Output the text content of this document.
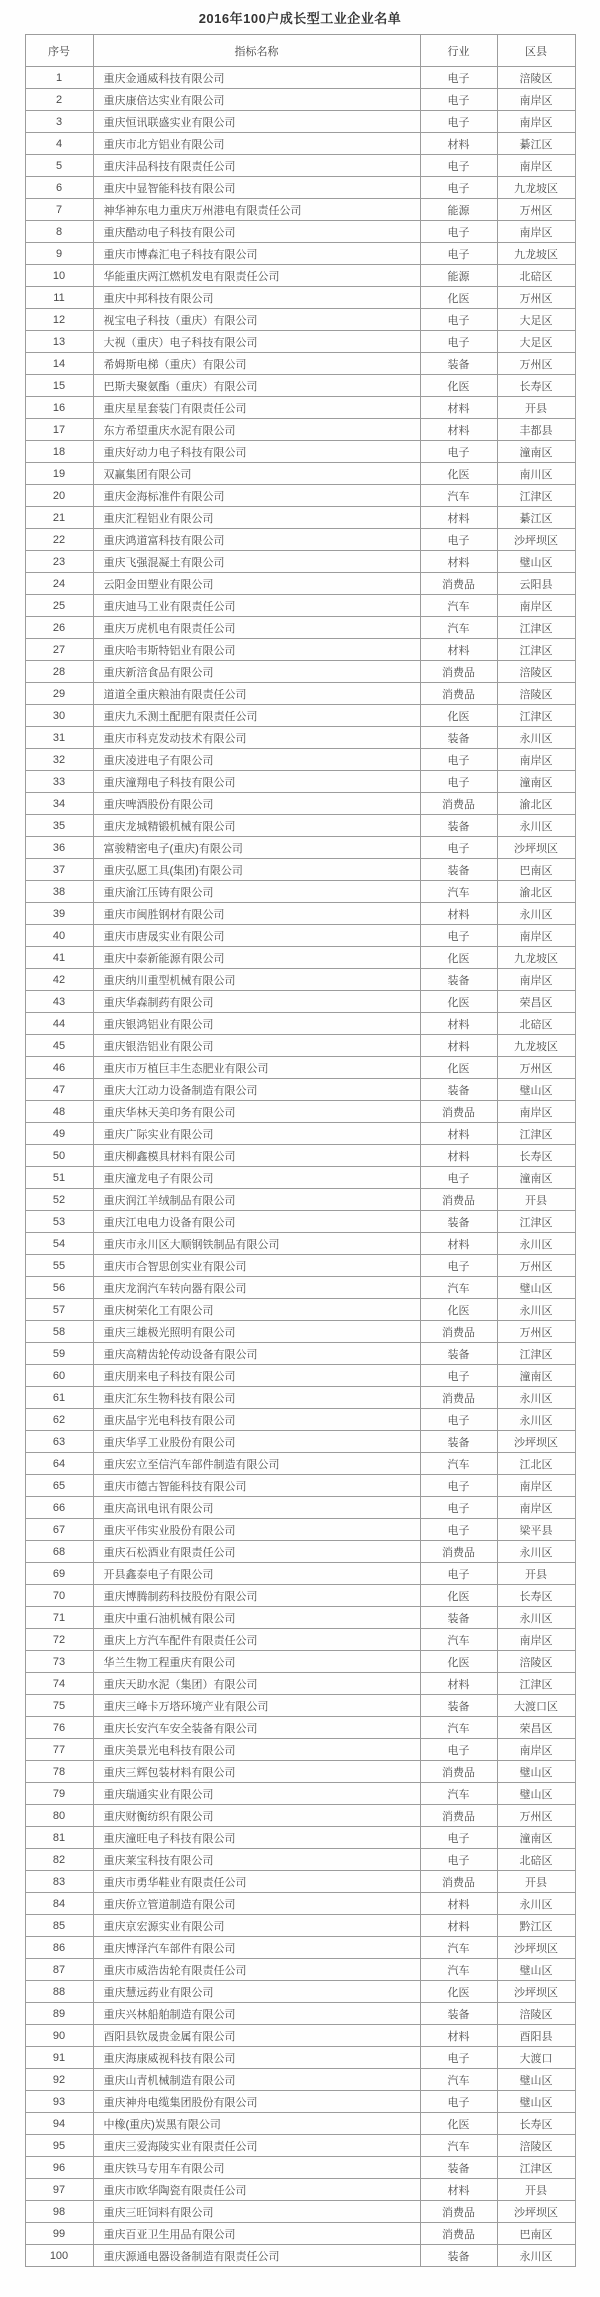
2016年100户成长型工业企业名单
序号	指标名称	行业	区县
1	重庆金通威科技有限公司	电子	涪陵区
2	重庆康倍达实业有限公司	电子	南岸区
3	重庆恒讯联盛实业有限公司	电子	南岸区
4	重庆市北方铝业有限公司	材料	綦江区
5	重庆沣品科技有限责任公司	电子	南岸区
6	重庆中显智能科技有限公司	电子	九龙坡区
7	神华神东电力重庆万州港电有限责任公司	能源	万州区
8	重庆酷动电子科技有限公司	电子	南岸区
9	重庆市博森汇电子科技有限公司	电子	九龙坡区
10	华能重庆两江燃机发电有限责任公司	能源	北碚区
11	重庆中邦科技有限公司	化医	万州区
12	视宝电子科技（重庆）有限公司	电子	大足区
13	大视（重庆）电子科技有限公司	电子	大足区
14	希姆斯电梯（重庆）有限公司	装备	万州区
15	巴斯夫聚氨酯（重庆）有限公司	化医	长寿区
16	重庆星星套装门有限责任公司	材料	开县
17	东方希望重庆水泥有限公司	材料	丰都县
18	重庆好动力电子科技有限公司	电子	潼南区
19	双赢集团有限公司	化医	南川区
20	重庆金海标准件有限公司	汽车	江津区
21	重庆汇程铝业有限公司	材料	綦江区
22	重庆鸿道富科技有限公司	电子	沙坪坝区
23	重庆飞强混凝土有限公司	材料	璧山区
24	云阳金田塑业有限公司	消费品	云阳县
25	重庆迪马工业有限责任公司	汽车	南岸区
26	重庆万虎机电有限责任公司	汽车	江津区
27	重庆哈韦斯特铝业有限公司	材料	江津区
28	重庆新涪食品有限公司	消费品	涪陵区
29	道道全重庆粮油有限责任公司	消费品	涪陵区
30	重庆九禾测土配肥有限责任公司	化医	江津区
31	重庆市科克发动技术有限公司	装备	永川区
32	重庆凌进电子有限公司	电子	南岸区
33	重庆潼翔电子科技有限公司	电子	潼南区
34	重庆啤酒股份有限公司	消费品	渝北区
35	重庆龙城精锻机械有限公司	装备	永川区
36	富骏精密电子(重庆)有限公司	电子	沙坪坝区
37	重庆弘愿工具(集团)有限公司	装备	巴南区
38	重庆渝江压铸有限公司	汽车	渝北区
39	重庆市闽胜钢材有限公司	材料	永川区
40	重庆市唐晟实业有限公司	电子	南岸区
41	重庆中泰新能源有限公司	化医	九龙坡区
42	重庆纳川重型机械有限公司	装备	南岸区
43	重庆华森制药有限公司	化医	荣昌区
44	重庆银鸿铝业有限公司	材料	北碚区
45	重庆银浩铝业有限公司	材料	九龙坡区
46	重庆市万植巨丰生态肥业有限公司	化医	万州区
47	重庆大江动力设备制造有限公司	装备	璧山区
48	重庆华林天美印务有限公司	消费品	南岸区
49	重庆广际实业有限公司	材料	江津区
50	重庆柳鑫模具材料有限公司	材料	长寿区
51	重庆潼龙电子有限公司	电子	潼南区
52	重庆润江羊绒制品有限公司	消费品	开县
53	重庆江电电力设备有限公司	装备	江津区
54	重庆市永川区大顺钢铁制品有限公司	材料	永川区
55	重庆市合智思创实业有限公司	电子	万州区
56	重庆龙润汽车转向器有限公司	汽车	璧山区
57	重庆树荣化工有限公司	化医	永川区
58	重庆三雄极光照明有限公司	消费品	万州区
59	重庆高精齿轮传动设备有限公司	装备	江津区
60	重庆朋来电子科技有限公司	电子	潼南区
61	重庆汇东生物科技有限公司	消费品	永川区
62	重庆晶宇光电科技有限公司	电子	永川区
63	重庆华孚工业股份有限公司	装备	沙坪坝区
64	重庆宏立至信汽车部件制造有限公司	汽车	江北区
65	重庆市德古智能科技有限公司	电子	南岸区
66	重庆高讯电讯有限公司	电子	南岸区
67	重庆平伟实业股份有限公司	电子	梁平县
68	重庆石松酒业有限责任公司	消费品	永川区
69	开县鑫泰电子有限公司	电子	开县
70	重庆博腾制药科技股份有限公司	化医	长寿区
71	重庆中重石油机械有限公司	装备	永川区
72	重庆上方汽车配件有限责任公司	汽车	南岸区
73	华兰生物工程重庆有限公司	化医	涪陵区
74	重庆天助水泥（集团）有限公司	材料	江津区
75	重庆三峰卡万塔环境产业有限公司	装备	大渡口区
76	重庆长安汽车安全装备有限公司	汽车	荣昌区
77	重庆美景光电科技有限公司	电子	南岸区
78	重庆三辉包装材料有限公司	消费品	璧山区
79	重庆瑞通实业有限公司	汽车	璧山区
80	重庆财衡纺织有限公司	消费品	万州区
81	重庆潼旺电子科技有限公司	电子	潼南区
82	重庆莱宝科技有限公司	电子	北碚区
83	重庆市勇华鞋业有限责任公司	消费品	开县
84	重庆侨立管道制造有限公司	材料	永川区
85	重庆京宏源实业有限公司	材料	黔江区
86	重庆博泽汽车部件有限公司	汽车	沙坪坝区
87	重庆市威浩齿轮有限责任公司	汽车	璧山区
88	重庆慧远药业有限公司	化医	沙坪坝区
89	重庆兴林船舶制造有限公司	装备	涪陵区
90	酉阳县钦晟贵金属有限公司	材料	酉阳县
91	重庆海康威视科技有限公司	电子	大渡口
92	重庆山青机械制造有限公司	汽车	璧山区
93	重庆神舟电缆集团股份有限公司	电子	璧山区
94	中橡(重庆)炭黑有限公司	化医	长寿区
95	重庆三爱海陵实业有限责任公司	汽车	涪陵区
96	重庆铁马专用车有限公司	装备	江津区
97	重庆市欧华陶瓷有限责任公司	材料	开县
98	重庆三旺饲料有限公司	消费品	沙坪坝区
99	重庆百亚卫生用品有限公司	消费品	巴南区
100	重庆源通电器设备制造有限责任公司	装备	永川区
